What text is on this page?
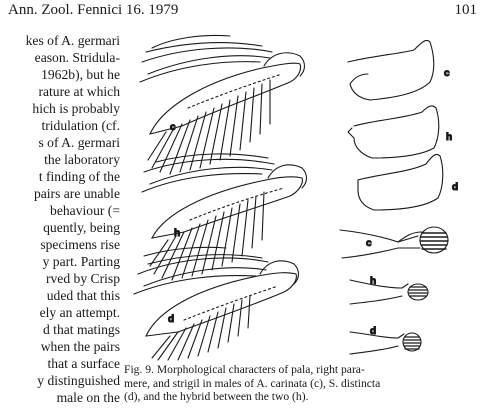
Ann. Zool. Fennici 16. 1979	101
kes of A. germari
eason. Stridula-
1962b), but he
rature at which
hich is probably
tridulation (cf.
s of A. germari
the laboratory
t finding of the
pairs are unable
behaviour (=
quently, being
specimens rise
y part. Parting
rved by Crisp
uded that this
ely an attempt.
d that matings
when the pairs
that a surface
y distinguished
male on the
c
h
d
c
h
d
c
h
d
Fig. 9. Morphological characters of pala, right para-
mere, and strigil in males of A. carinata (c), S. distincta
(d), and the hybrid between the two (h).
